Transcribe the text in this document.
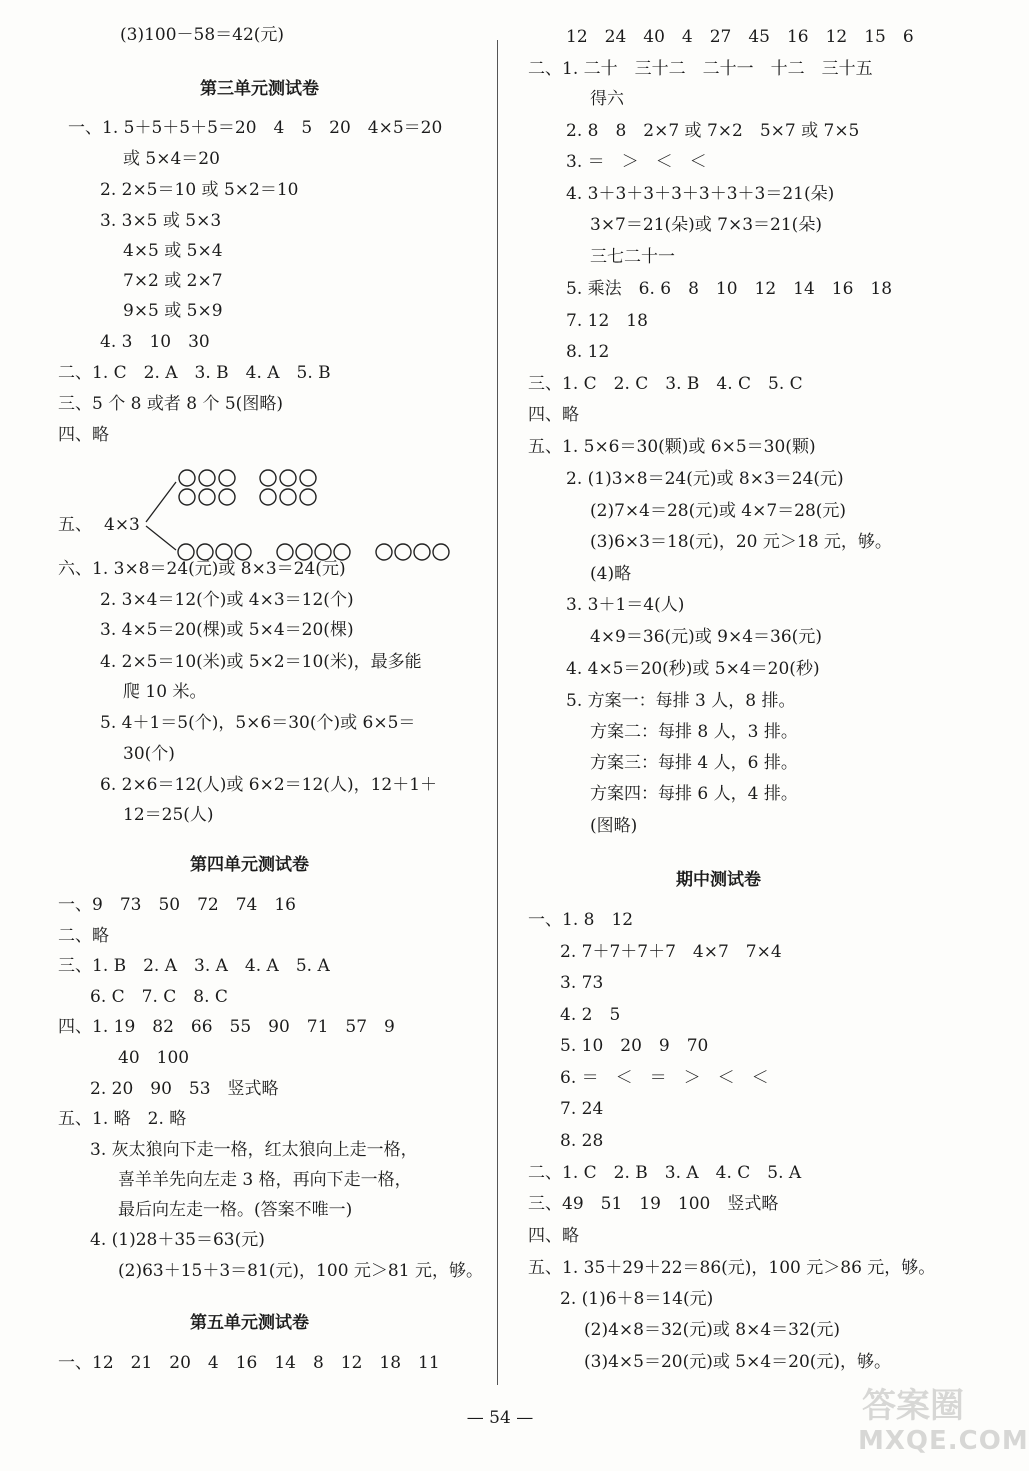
(3)100－58＝42(元)
一、1. 5＋5＋5＋5＝20　4　5　20　4×5＝20
或 5×4＝20
2. 2×5＝10 或 5×2＝10
3. 3×5 或 5×3
4×5 或 5×4
7×2 或 2×7
9×5 或 5×9
4. 3　10　30
二、1. C　2. A　3. B　4. A　5. B
三、5 个 8 或者 8 个 5(图略)
四、略
六、1. 3×8＝24(元)或 8×3＝24(元)
2. 3×4＝12(个)或 4×3＝12(个)
3. 4×5＝20(棵)或 5×4＝20(棵)
4. 2×5＝10(米)或 5×2＝10(米)，最多能
爬 10 米。
5. 4＋1＝5(个)，5×6＝30(个)或 6×5＝
30(个)
6. 2×6＝12(人)或 6×2＝12(人)，12＋1＋
12＝25(人)
一、9　73　50　72　74　16
二、略
三、1. B　2. A　3. A　4. A　5. A
6. C　7. C　8. C
四、1. 19　82　66　55　90　71　57　9
40　100
2. 20　90　53　竖式略
五、1. 略　2. 略
3. 灰太狼向下走一格，红太狼向上走一格，
喜羊羊先向左走 3 格，再向下走一格，
最后向左走一格。(答案不唯一)
4. (1)28＋35＝63(元)
(2)63＋15＋3＝81(元)，100 元＞81 元，够。
一、12　21　20　4　16　14　8　12　18　11
第三单元测试卷
第四单元测试卷
第五单元测试卷
12　24　40　4　27　45　16　12　15　6
二、1. 二十　三十二　二十一　十二　三十五
得六
2. 8　8　2×7 或 7×2　5×7 或 7×5
3. ＝　＞　＜　＜
4. 3＋3＋3＋3＋3＋3＋3＝21(朵)
3×7＝21(朵)或 7×3＝21(朵)
三七二十一
5. 乘法　6. 6　8　10　12　14　16　18
7. 12　18
8. 12
三、1. C　2. C　3. B　4. C　5. C
四、略
五、1. 5×6＝30(颗)或 6×5＝30(颗)
2. (1)3×8＝24(元)或 8×3＝24(元)
(2)7×4＝28(元)或 4×7＝28(元)
(3)6×3＝18(元)，20 元＞18 元，够。
(4)略
3. 3＋1＝4(人)
4×9＝36(元)或 9×4＝36(元)
4. 4×5＝20(秒)或 5×4＝20(秒)
5. 方案一：每排 3 人，8 排。
方案二：每排 8 人，3 排。
方案三：每排 4 人，6 排。
方案四：每排 6 人，4 排。
(图略)
一、1. 8　12
2. 7＋7＋7＋7　4×7　7×4
3. 73
4. 2　5
5. 10　20　9　70
6. ＝　＜　＝　＞　＜　＜
7. 24
8. 28
二、1. C　2. B　3. A　4. C　5. A
三、49　51　19　100　竖式略
四、略
五、1. 35＋29＋22＝86(元)，100 元＞86 元，够。
2. (1)6＋8＝14(元)
(2)4×8＝32(元)或 8×4＝32(元)
(3)4×5＝20(元)或 5×4＝20(元)，够。
期中测试卷
五、 4×3
— 54 —	答案圈
MXQE.COM
